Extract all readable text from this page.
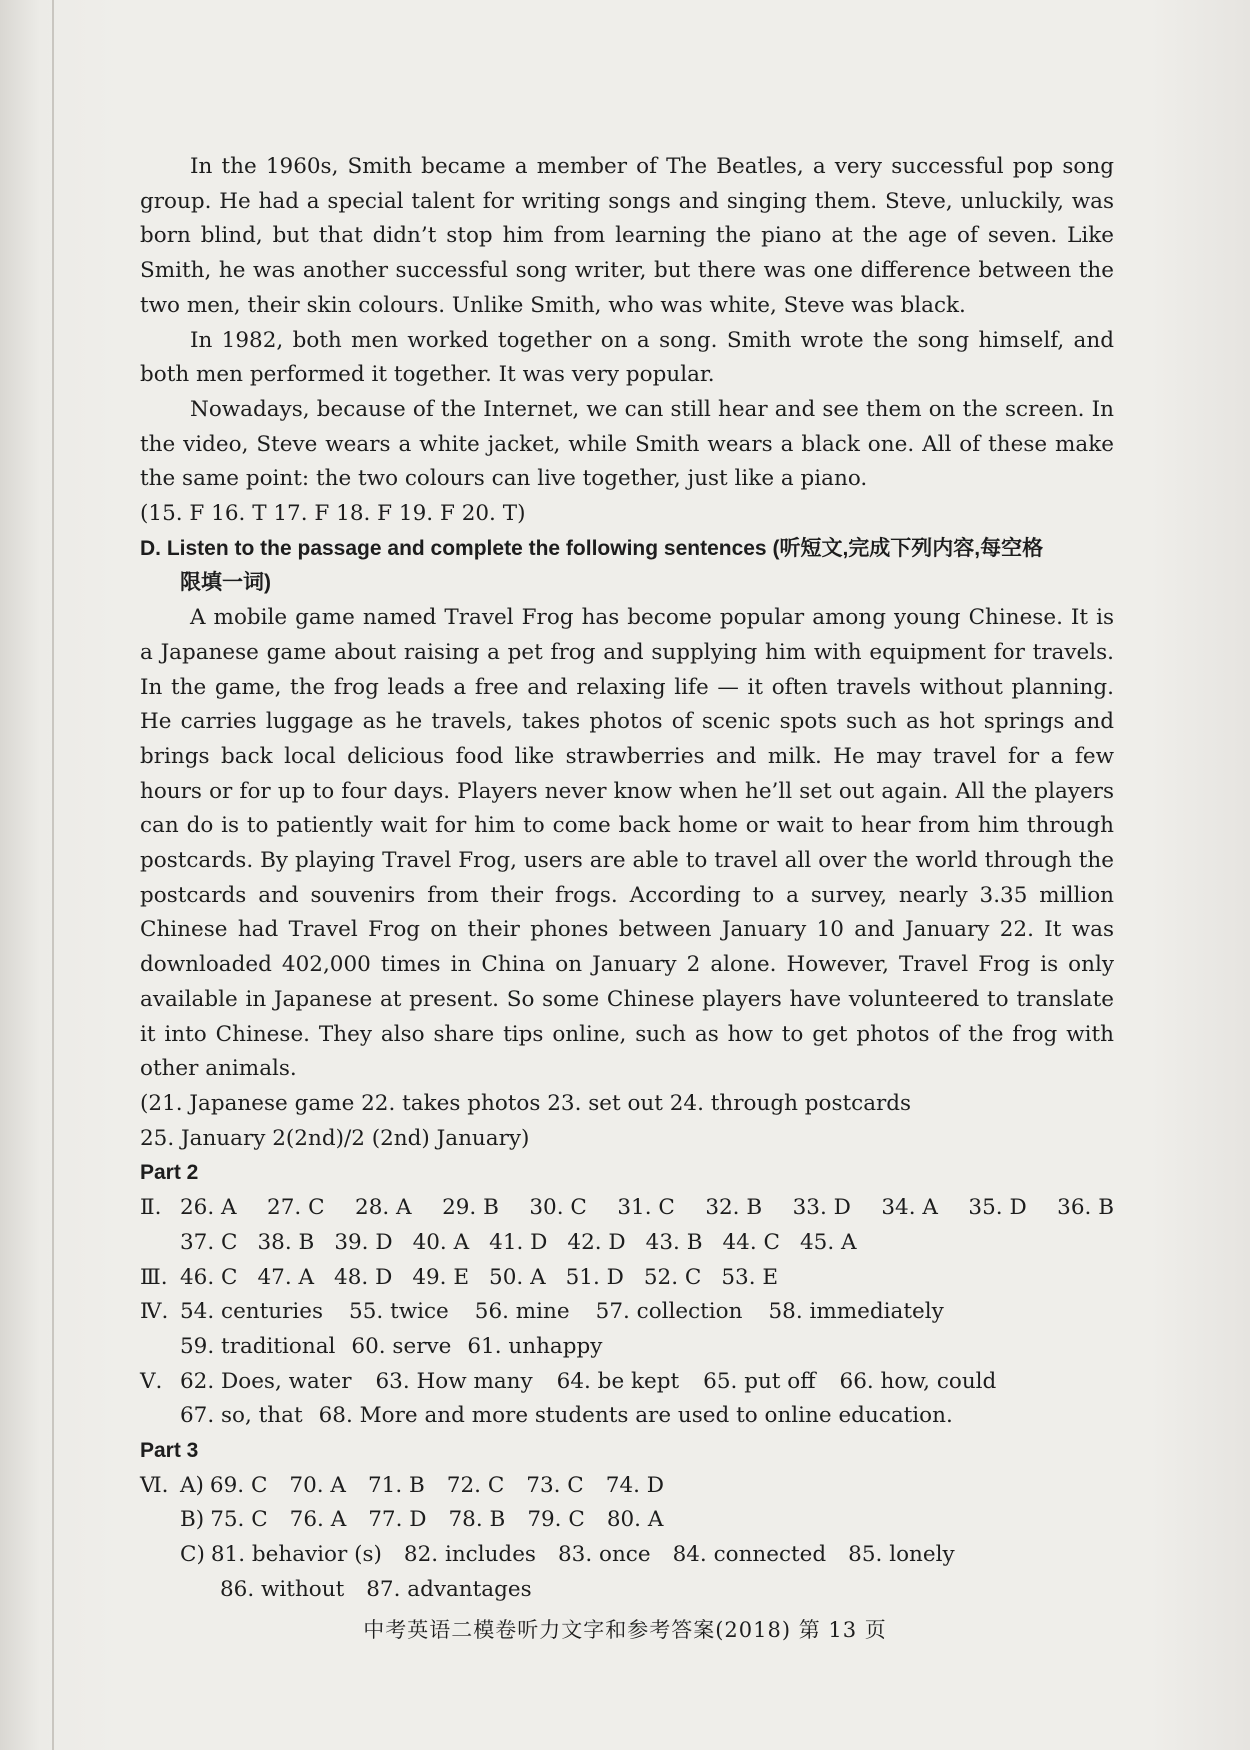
In the 1960s, Smith became a member of The Beatles, a very successful pop song group. He had a special talent for writing songs and singing them. Steve, unluckily, was born blind, but that didn’t stop him from learning the piano at the age of seven. Like Smith, he was another successful song writer, but there was one difference between the two men, their skin colours. Unlike Smith, who was white, Steve was black.

In 1982, both men worked together on a song. Smith wrote the song himself, and both men performed it together. It was very popular.

Nowadays, because of the Internet, we can still hear and see them on the screen. In the video, Steve wears a white jacket, while Smith wears a black one. All of these make the same point: the two colours can live together, just like a piano.

(15. F 16. T 17. F 18. F 19. F 20. T)

D. Listen to the passage and complete the following sentences (听短文,完成下列内容,每空格
限填一词)

A mobile game named Travel Frog has become popular among young Chinese. It is a Japanese game about raising a pet frog and supplying him with equipment for travels. In the game, the frog leads a free and relaxing life — it often travels without planning. He carries luggage as he travels, takes photos of scenic spots such as hot springs and brings back local delicious food like strawberries and milk. He may travel for a few hours or for up to four days. Players never know when he’ll set out again. All the players can do is to patiently wait for him to come back home or wait to hear from him through postcards. By playing Travel Frog, users are able to travel all over the world through the postcards and souvenirs from their frogs. According to a survey, nearly 3.35 million Chinese had Travel Frog on their phones between January 10 and January 22. It was downloaded 402,000 times in China on January 2 alone. However, Travel Frog is only available in Japanese at present. So some Chinese players have volunteered to translate it into Chinese. They also share tips online, such as how to get photos of the frog with other animals.

(21. Japanese game 22. takes photos 23. set out 24. through postcards

25. January 2(2nd)/2 (2nd) January)

Part 2
Ⅱ. 26. A 27. C 28. A 29. B 30. C 31. C 32. B 33. D 34. A 35. D 36. B
37. C 38. B 39. D 40. A 41. D 42. D 43. B 44. C 45. A
Ⅲ. 46. C 47. A 48. D 49. E 50. A 51. D 52. C 53. E
Ⅳ. 54. centuries 55. twice 56. mine 57. collection 58. immediately
59. traditional 60. serve 61. unhappy
Ⅴ. 62. Does, water 63. How many 64. be kept 65. put off 66. how, could
67. so, that 68. More and more students are used to online education.
Part 3
Ⅵ. A) 69. C 70. A 71. B 72. C 73. C 74. D
B) 75. C 76. A 77. D 78. B 79. C 80. A
C) 81. behavior (s) 82. includes 83. once 84. connected 85. lonely
86. without 87. advantages
中考英语二模卷听力文字和参考答案(2018) 第 13 页
